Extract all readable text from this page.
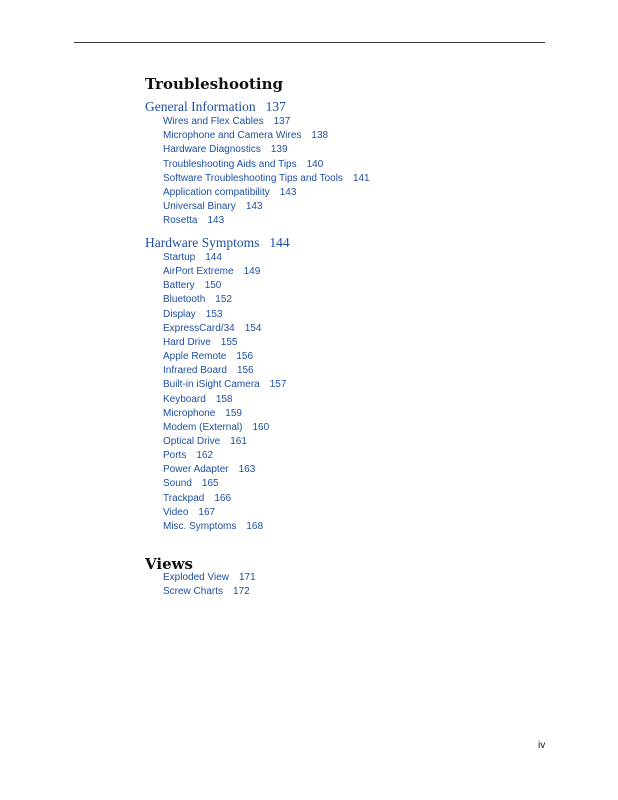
Troubleshooting
General Information 137
Wires and Flex Cables 137
Microphone and Camera Wires 138
Hardware Diagnostics 139
Troubleshooting Aids and Tips 140
Software Troubleshooting Tips and Tools 141
Application compatibility 143
Universal Binary 143
Rosetta 143
Hardware Symptoms 144
Startup 144
AirPort Extreme 149
Battery 150
Bluetooth 152
Display 153
ExpressCard/34 154
Hard Drive 155
Apple Remote 156
Infrared Board 156
Built-in iSight Camera 157
Keyboard 158
Microphone 159
Modem (External) 160
Optical Drive 161
Ports 162
Power Adapter 163
Sound 165
Trackpad 166
Video 167
Misc. Symptoms 168
Views
Exploded View 171
Screw Charts 172
iv
